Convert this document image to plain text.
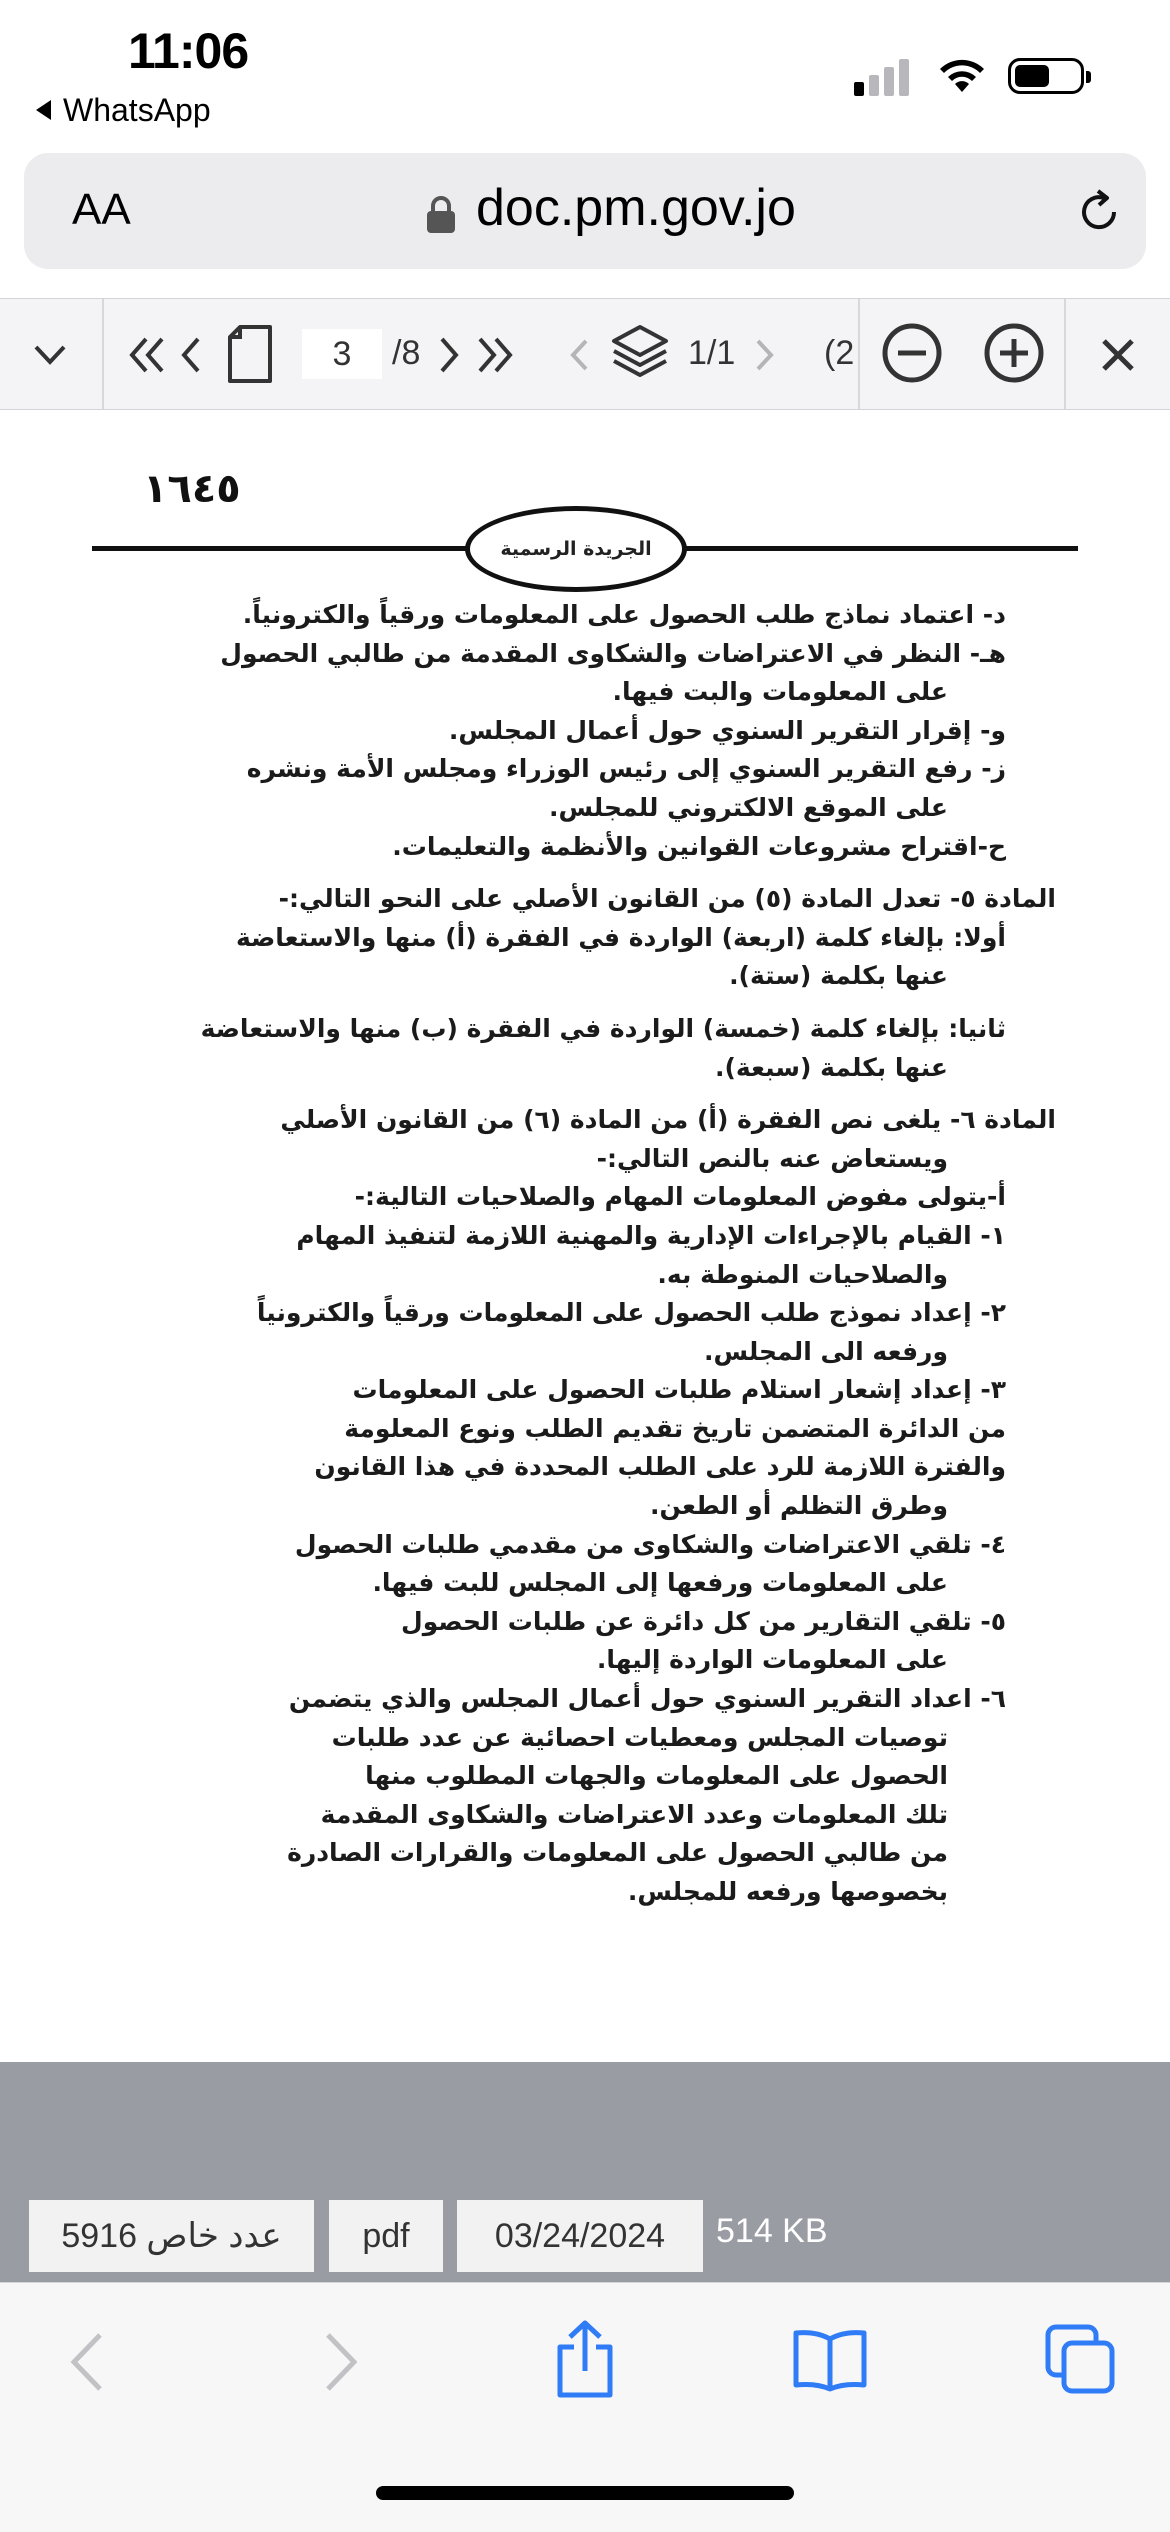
11:06
WhatsApp
AA	doc.pm.gov.jo
3
/8	1/1	(2
١٦٤٥
الجريدة الرسمية
د- اعتماد نماذج طلب الحصول على المعلومات ورقياً والكترونياً.
هـ- النظر في الاعتراضات والشكاوى المقدمة من طالبي الحصول
على المعلومات والبت فيها.
و- إقرار التقرير السنوي حول أعمال المجلس.
ز- رفع التقرير السنوي إلى رئيس الوزراء ومجلس الأمة ونشره
على الموقع الالكتروني للمجلس.
ح-اقتراح مشروعات القوانين والأنظمة والتعليمات.
المادة ٥- تعدل المادة (٥) من القانون الأصلي على النحو التالي:-
أولا: بإلغاء كلمة (اربعة) الواردة في الفقرة (أ) منها والاستعاضة
عنها بكلمة (ستة).
ثانيا: بإلغاء كلمة (خمسة) الواردة في الفقرة (ب) منها والاستعاضة
عنها بكلمة (سبعة).
المادة ٦- يلغى نص الفقرة (أ) من المادة (٦) من القانون الأصلي
ويستعاض عنه بالنص التالي:-
أ-يتولى مفوض المعلومات المهام والصلاحيات التالية:-
١- القيام بالإجراءات الإدارية والمهنية اللازمة لتنفيذ المهام
والصلاحيات المنوطة به.
٢- إعداد نموذج طلب الحصول على المعلومات ورقياً والكترونياً
ورفعه الى المجلس.
٣- إعداد إشعار استلام طلبات الحصول على المعلومات
من الدائرة المتضمن تاريخ تقديم الطلب ونوع المعلومة
والفترة اللازمة للرد على الطلب المحددة في هذا القانون
وطرق التظلم أو الطعن.
٤- تلقي الاعتراضات والشكاوى من مقدمي طلبات الحصول
على المعلومات ورفعها إلى المجلس للبت فيها.
٥- تلقي التقارير من كل دائرة عن طلبات الحصول
على المعلومات الواردة إليها.
٦- اعداد التقرير السنوي حول أعمال المجلس والذي يتضمن
توصيات المجلس ومعطيات احصائية عن عدد طلبات
الحصول على المعلومات والجهات المطلوب منها
تلك المعلومات وعدد الاعتراضات والشكاوى المقدمة
من طالبي الحصول على المعلومات والقرارات الصادرة
بخصوصها ورفعه للمجلس.
عدد خاص 5916	pdf	03/24/2024	514 KB
